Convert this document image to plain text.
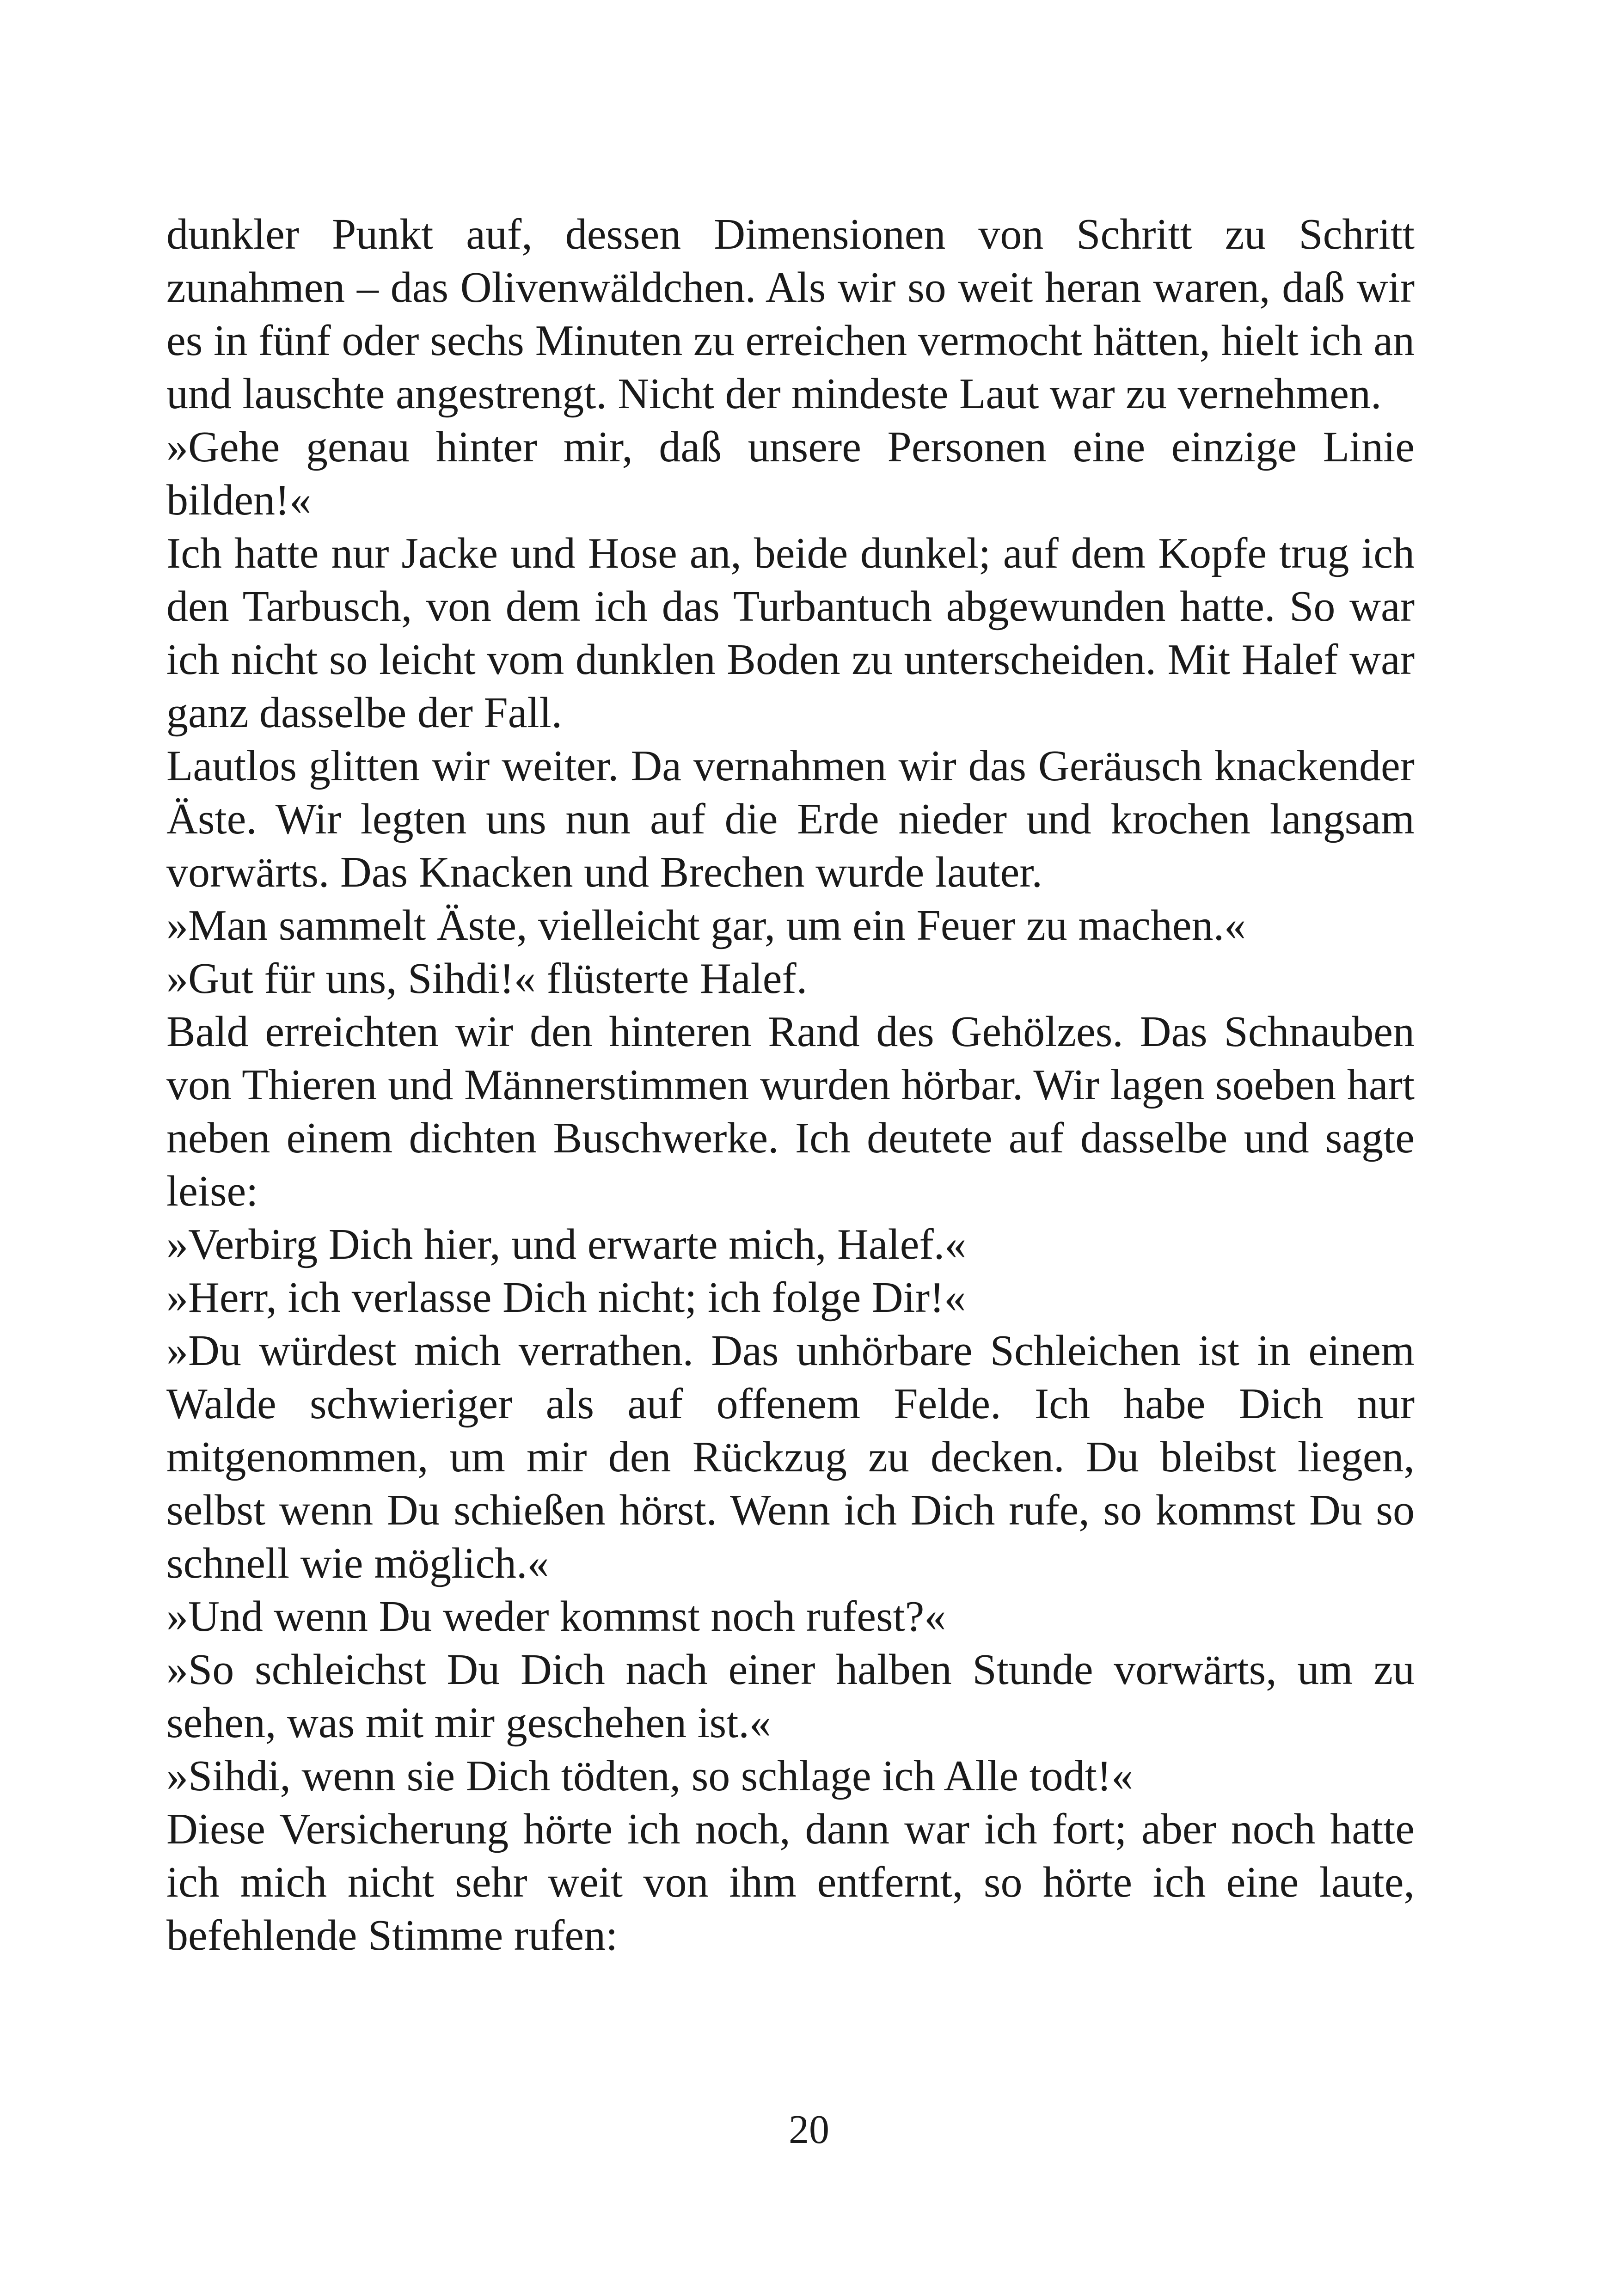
dunkler Punkt auf, dessen Dimensionen von Schritt zu Schritt zunahmen – das Olivenwäldchen. Als wir so weit heran waren, daß wir es in fünf oder sechs Minuten zu erreichen vermocht hätten, hielt ich an und lauschte angestrengt. Nicht der mindeste Laut war zu vernehmen.

»Gehe genau hinter mir, daß unsere Personen eine einzige Linie bilden!«

Ich hatte nur Jacke und Hose an, beide dunkel; auf dem Kopfe trug ich den Tarbusch, von dem ich das Turbantuch abgewunden hatte. So war ich nicht so leicht vom dunklen Boden zu unterscheiden. Mit Halef war ganz dasselbe der Fall.

Lautlos glitten wir weiter. Da vernahmen wir das Geräusch knackender Äste. Wir legten uns nun auf die Erde nieder und krochen langsam vorwärts. Das Knacken und Brechen wurde lauter.

»Man sammelt Äste, vielleicht gar, um ein Feuer zu machen.«

»Gut für uns, Sihdi!« flüsterte Halef.

Bald erreichten wir den hinteren Rand des Gehölzes. Das Schnauben von Thieren und Männerstimmen wurden hörbar. Wir lagen soeben hart neben einem dichten Buschwerke. Ich deutete auf dasselbe und sagte leise:

»Verbirg Dich hier, und erwarte mich, Halef.«

»Herr, ich verlasse Dich nicht; ich folge Dir!«

»Du würdest mich verrathen. Das unhörbare Schleichen ist in einem Walde schwieriger als auf offenem Felde. Ich habe Dich nur mitgenommen, um mir den Rückzug zu decken. Du bleibst liegen, selbst wenn Du schießen hörst. Wenn ich Dich rufe, so kommst Du so schnell wie möglich.«

»Und wenn Du weder kommst noch rufest?«

»So schleichst Du Dich nach einer halben Stunde vorwärts, um zu sehen, was mit mir geschehen ist.«

»Sihdi, wenn sie Dich tödten, so schlage ich Alle todt!«

Diese Versicherung hörte ich noch, dann war ich fort; aber noch hatte ich mich nicht sehr weit von ihm entfernt, so hörte ich eine laute, befehlende Stimme rufen:

20
